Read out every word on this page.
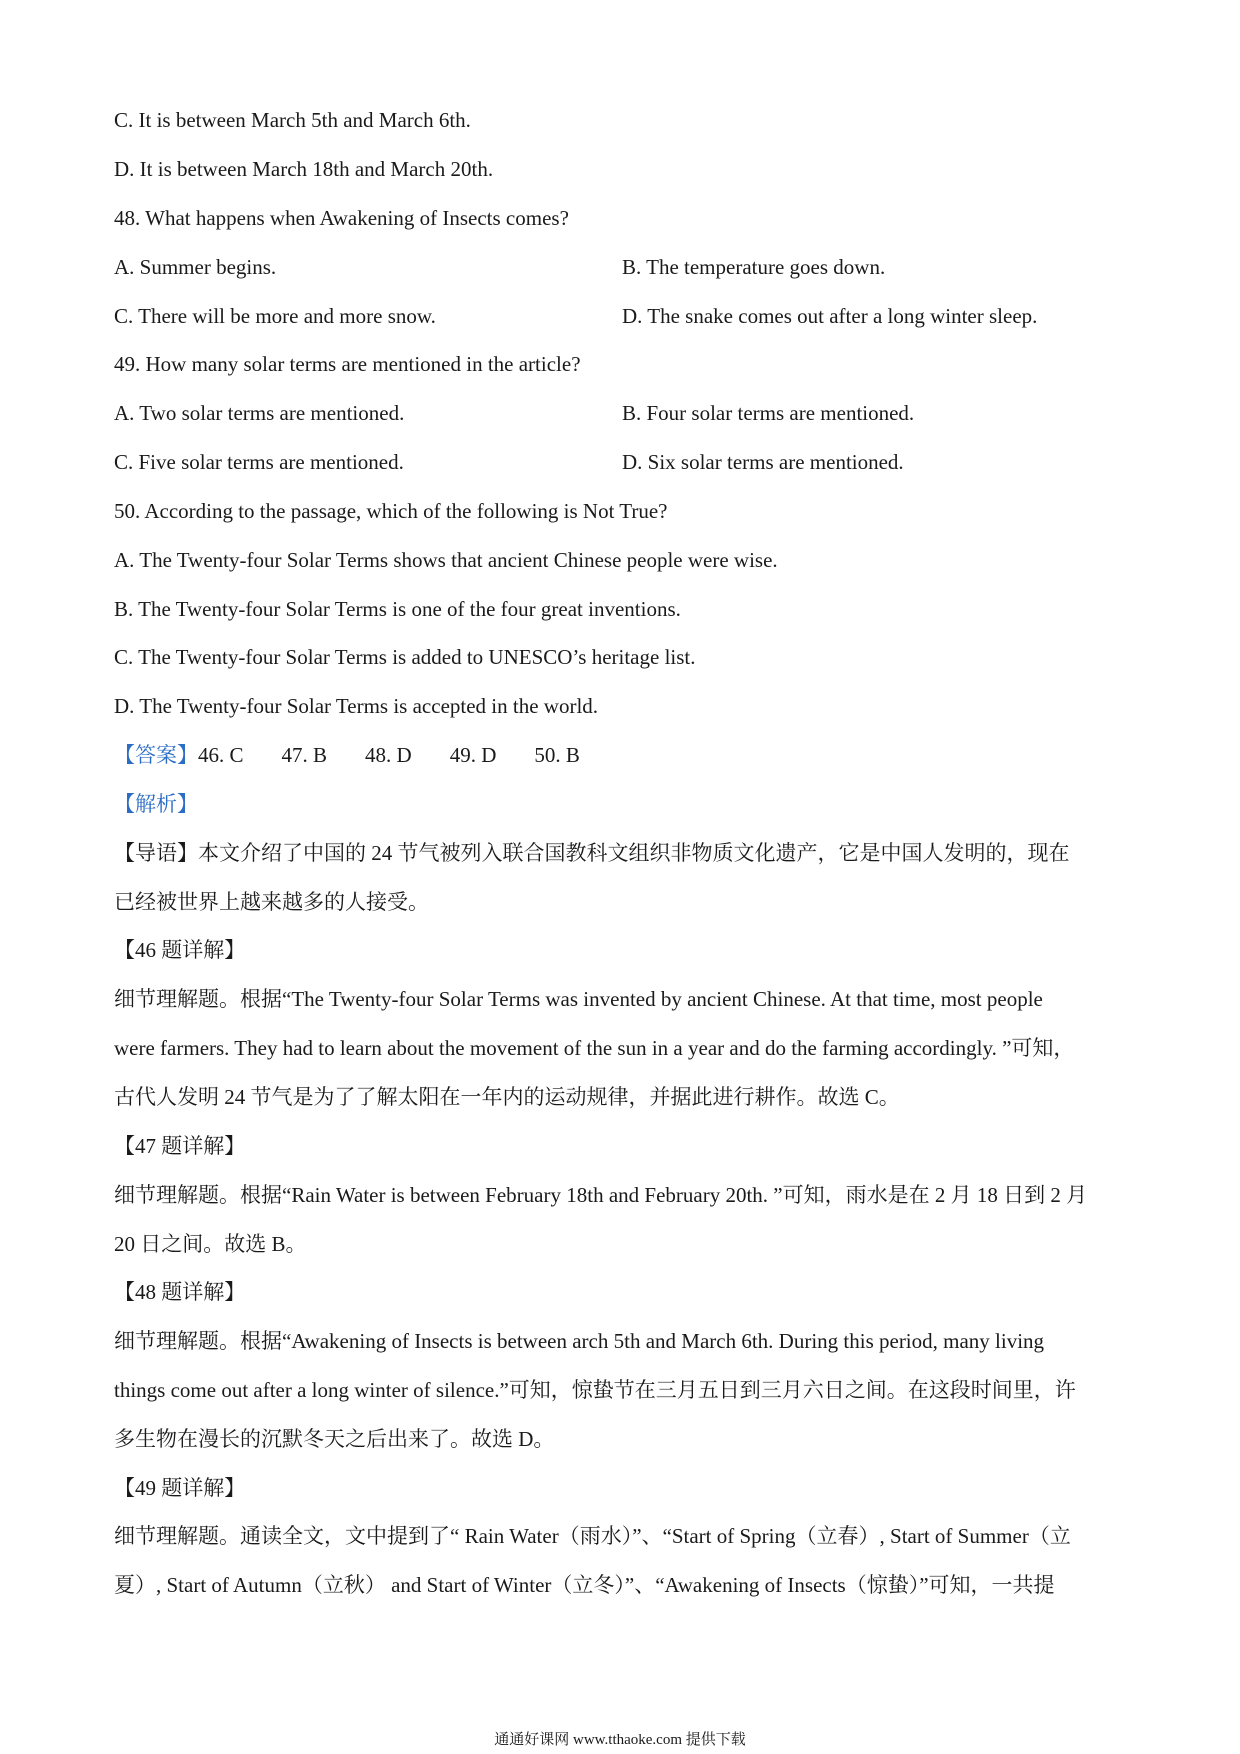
C. It is between March 5th and March 6th.
D. It is between March 18th and March 20th.
48. What happens when Awakening of Insects comes?
A. Summer begins.	B. The temperature goes down.
C. There will be more and more snow.	D. The snake comes out after a long winter sleep.
49. How many solar terms are mentioned in the article?
A. Two solar terms are mentioned.	B. Four solar terms are mentioned.
C. Five solar terms are mentioned.	D. Six solar terms are mentioned.
50. According to the passage, which of the following is Not True?
A. The Twenty-four Solar Terms shows that ancient Chinese people were wise.
B. The Twenty-four Solar Terms is one of the four great inventions.
C. The Twenty-four Solar Terms is added to UNESCO’s heritage list.
D. The Twenty-four Solar Terms is accepted in the world.
【答案】46. C 47. B 48. D 49. D 50. B
【解析】
【导语】本文介绍了中国的 24 节气被列入联合国教科文组织非物质文化遗产，它是中国人发明的，现在
已经被世界上越来越多的人接受。
【46 题详解】
细节理解题。根据“The Twenty-four Solar Terms was invented by ancient Chinese. At that time, most people
were farmers. They had to learn about the movement of the sun in a year and do the farming accordingly. ”可知，
古代人发明 24 节气是为了了解太阳在一年内的运动规律，并据此进行耕作。故选 C。
【47 题详解】
细节理解题。根据“Rain Water is between February 18th and February 20th. ”可知，雨水是在 2 月 18 日到 2 月
20 日之间。故选 B。
【48 题详解】
细节理解题。根据“Awakening of Insects is between arch 5th and March 6th. During this period, many living
things come out after a long winter of silence.”可知，惊蛰节在三月五日到三月六日之间。在这段时间里，许
多生物在漫长的沉默冬天之后出来了。故选 D。
【49 题详解】
细节理解题。通读全文，文中提到了“ Rain Water（雨水）”、“Start of Spring（立春）, Start of Summer（立
夏）, Start of Autumn（立秋） and Start of Winter（立冬）”、“Awakening of Insects（惊蛰）”可知，一共提
通通好课网 www.tthaoke.com 提供下载
